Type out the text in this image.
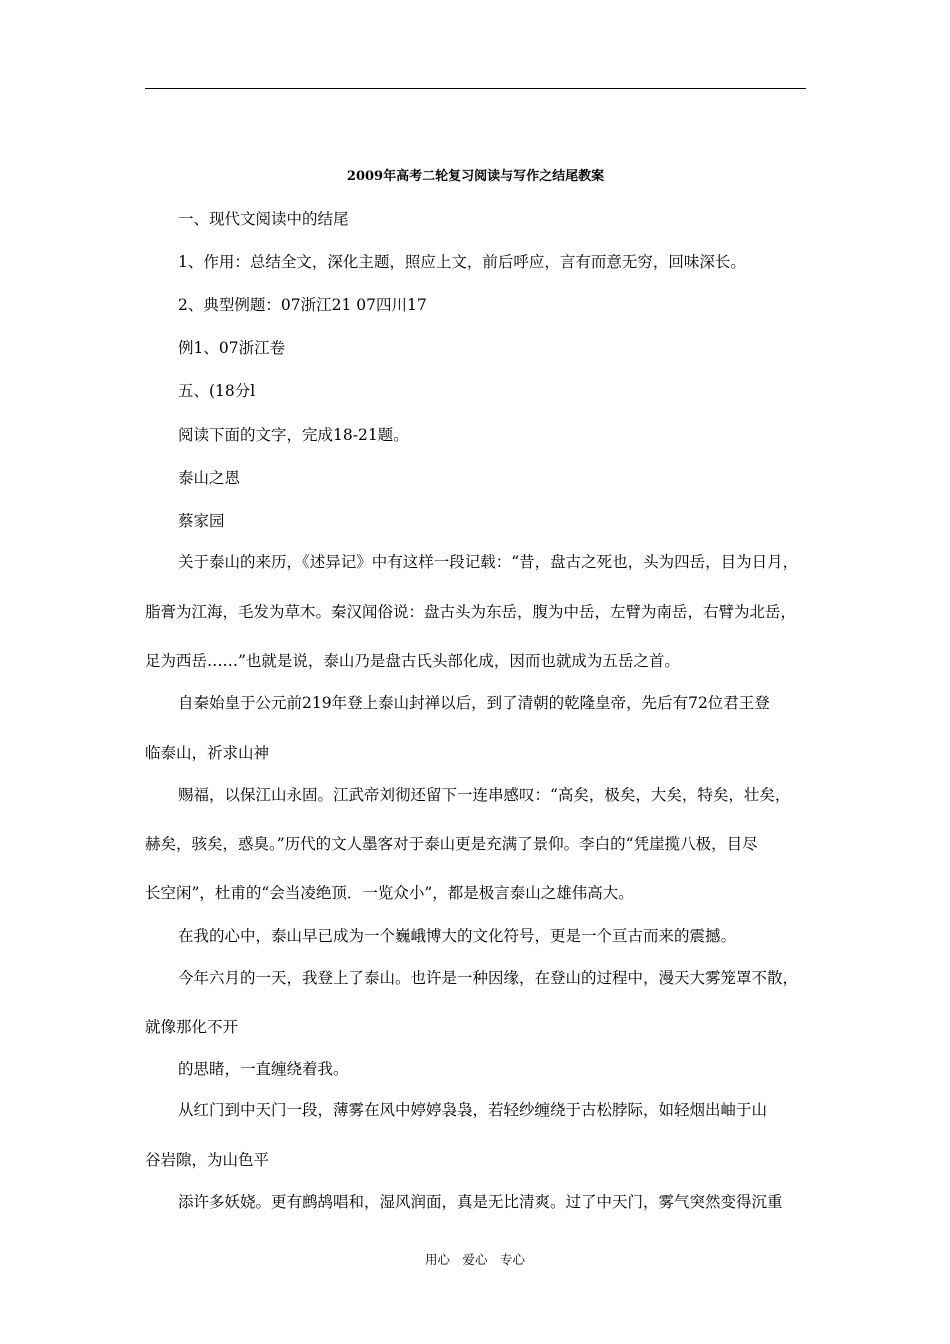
2009年高考二轮复习阅读与写作之结尾教案
一、现代文阅读中的结尾
1、作用：总结全文，深化主题，照应上文，前后呼应，言有而意无穷，回味深长。
2、典型例题：07浙江21 07四川17
例1、07浙江卷
五、(18分l
阅读下面的文字，完成18-21题。
泰山之恩
蔡家园
关于泰山的来历，《述异记》中有这样一段记载：“昔，盘古之死也，头为四岳，目为日月，
脂膏为江海，毛发为草木。秦汉闻俗说：盘古头为东岳，腹为中岳，左臂为南岳，右臂为北岳，
足为西岳……”也就是说，泰山乃是盘古氏头部化成，因而也就成为五岳之首。
自秦始皇于公元前219年登上泰山封禅以后，到了清朝的乾隆皇帝，先后有72位君王登
临泰山，祈求山神
赐福，以保江山永固。江武帝刘彻还留下一连串感叹：“高矣，极矣，大矣，特矣，壮矣，
赫矣，骇矣，惑臭。”历代的文人墨客对于泰山更是充满了景仰。李白的“凭崖揽八极，目尽
长空闲”，杜甫的“会当凌绝顶．一览众小”，都是极言泰山之雄伟高大。
在我的心中，泰山早已成为一个巍峨博大的文化符号，更是一个亘古而来的震撼。
今年六月的一天，我登上了泰山。也许是一种因缘，在登山的过程中，漫天大雾笼罩不散，
就像那化不开
的思睹，一直缠绕着我。
从红门到中天门一段，薄雾在风中婷婷袅袅，若轻纱缠绕于古松脖际，如轻烟出岫于山
谷岩隙，为山色平
添许多妖娆。更有鹧鸪唱和，湿风润面，真是无比清爽。过了中天门，雾气突然变得沉重
用心　爱心　专心
